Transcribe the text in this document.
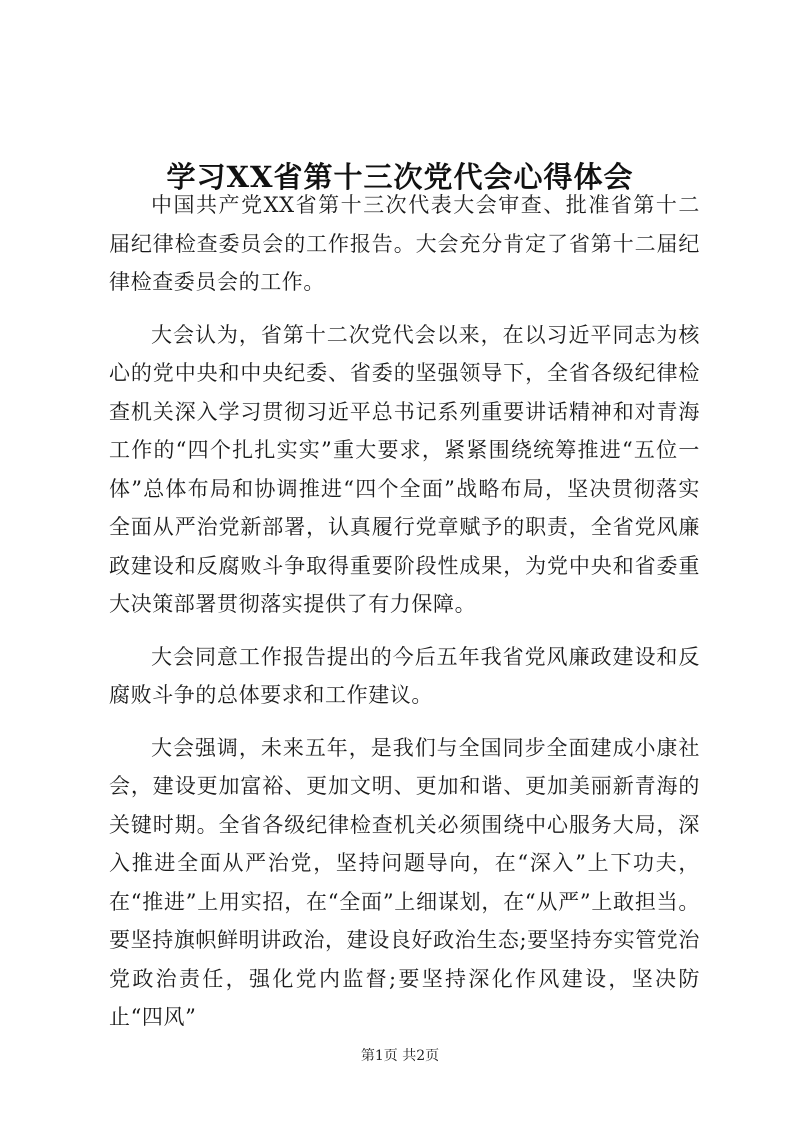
学习XX省第十三次党代会心得体会

中国共产党XX省第十三次代表大会审查、批准省第十二届纪律检查委员会的工作报告。大会充分肯定了省第十二届纪律检查委员会的工作。

大会认为，省第十二次党代会以来，在以习近平同志为核心的党中央和中央纪委、省委的坚强领导下，全省各级纪律检查机关深入学习贯彻习近平总书记系列重要讲话精神和对青海工作的“四个扎扎实实”重大要求，紧紧围绕统筹推进“五位一体”总体布局和协调推进“四个全面”战略布局，坚决贯彻落实全面从严治党新部署，认真履行党章赋予的职责，全省党风廉政建设和反腐败斗争取得重要阶段性成果，为党中央和省委重大决策部署贯彻落实提供了有力保障。

大会同意工作报告提出的今后五年我省党风廉政建设和反腐败斗争的总体要求和工作建议。

大会强调，未来五年，是我们与全国同步全面建成小康社会，建设更加富裕、更加文明、更加和谐、更加美丽新青海的关键时期。全省各级纪律检查机关必须围绕中心服务大局，深入推进全面从严治党，坚持问题导向，在“深入”上下功夫，在“推进”上用实招，在“全面”上细谋划，在“从严”上敢担当。要坚持旗帜鲜明讲政治，建设良好政治生态;要坚持夯实管党治党政治责任，强化党内监督;要坚持深化作风建设，坚决防止“四风”

第1页 共2页
